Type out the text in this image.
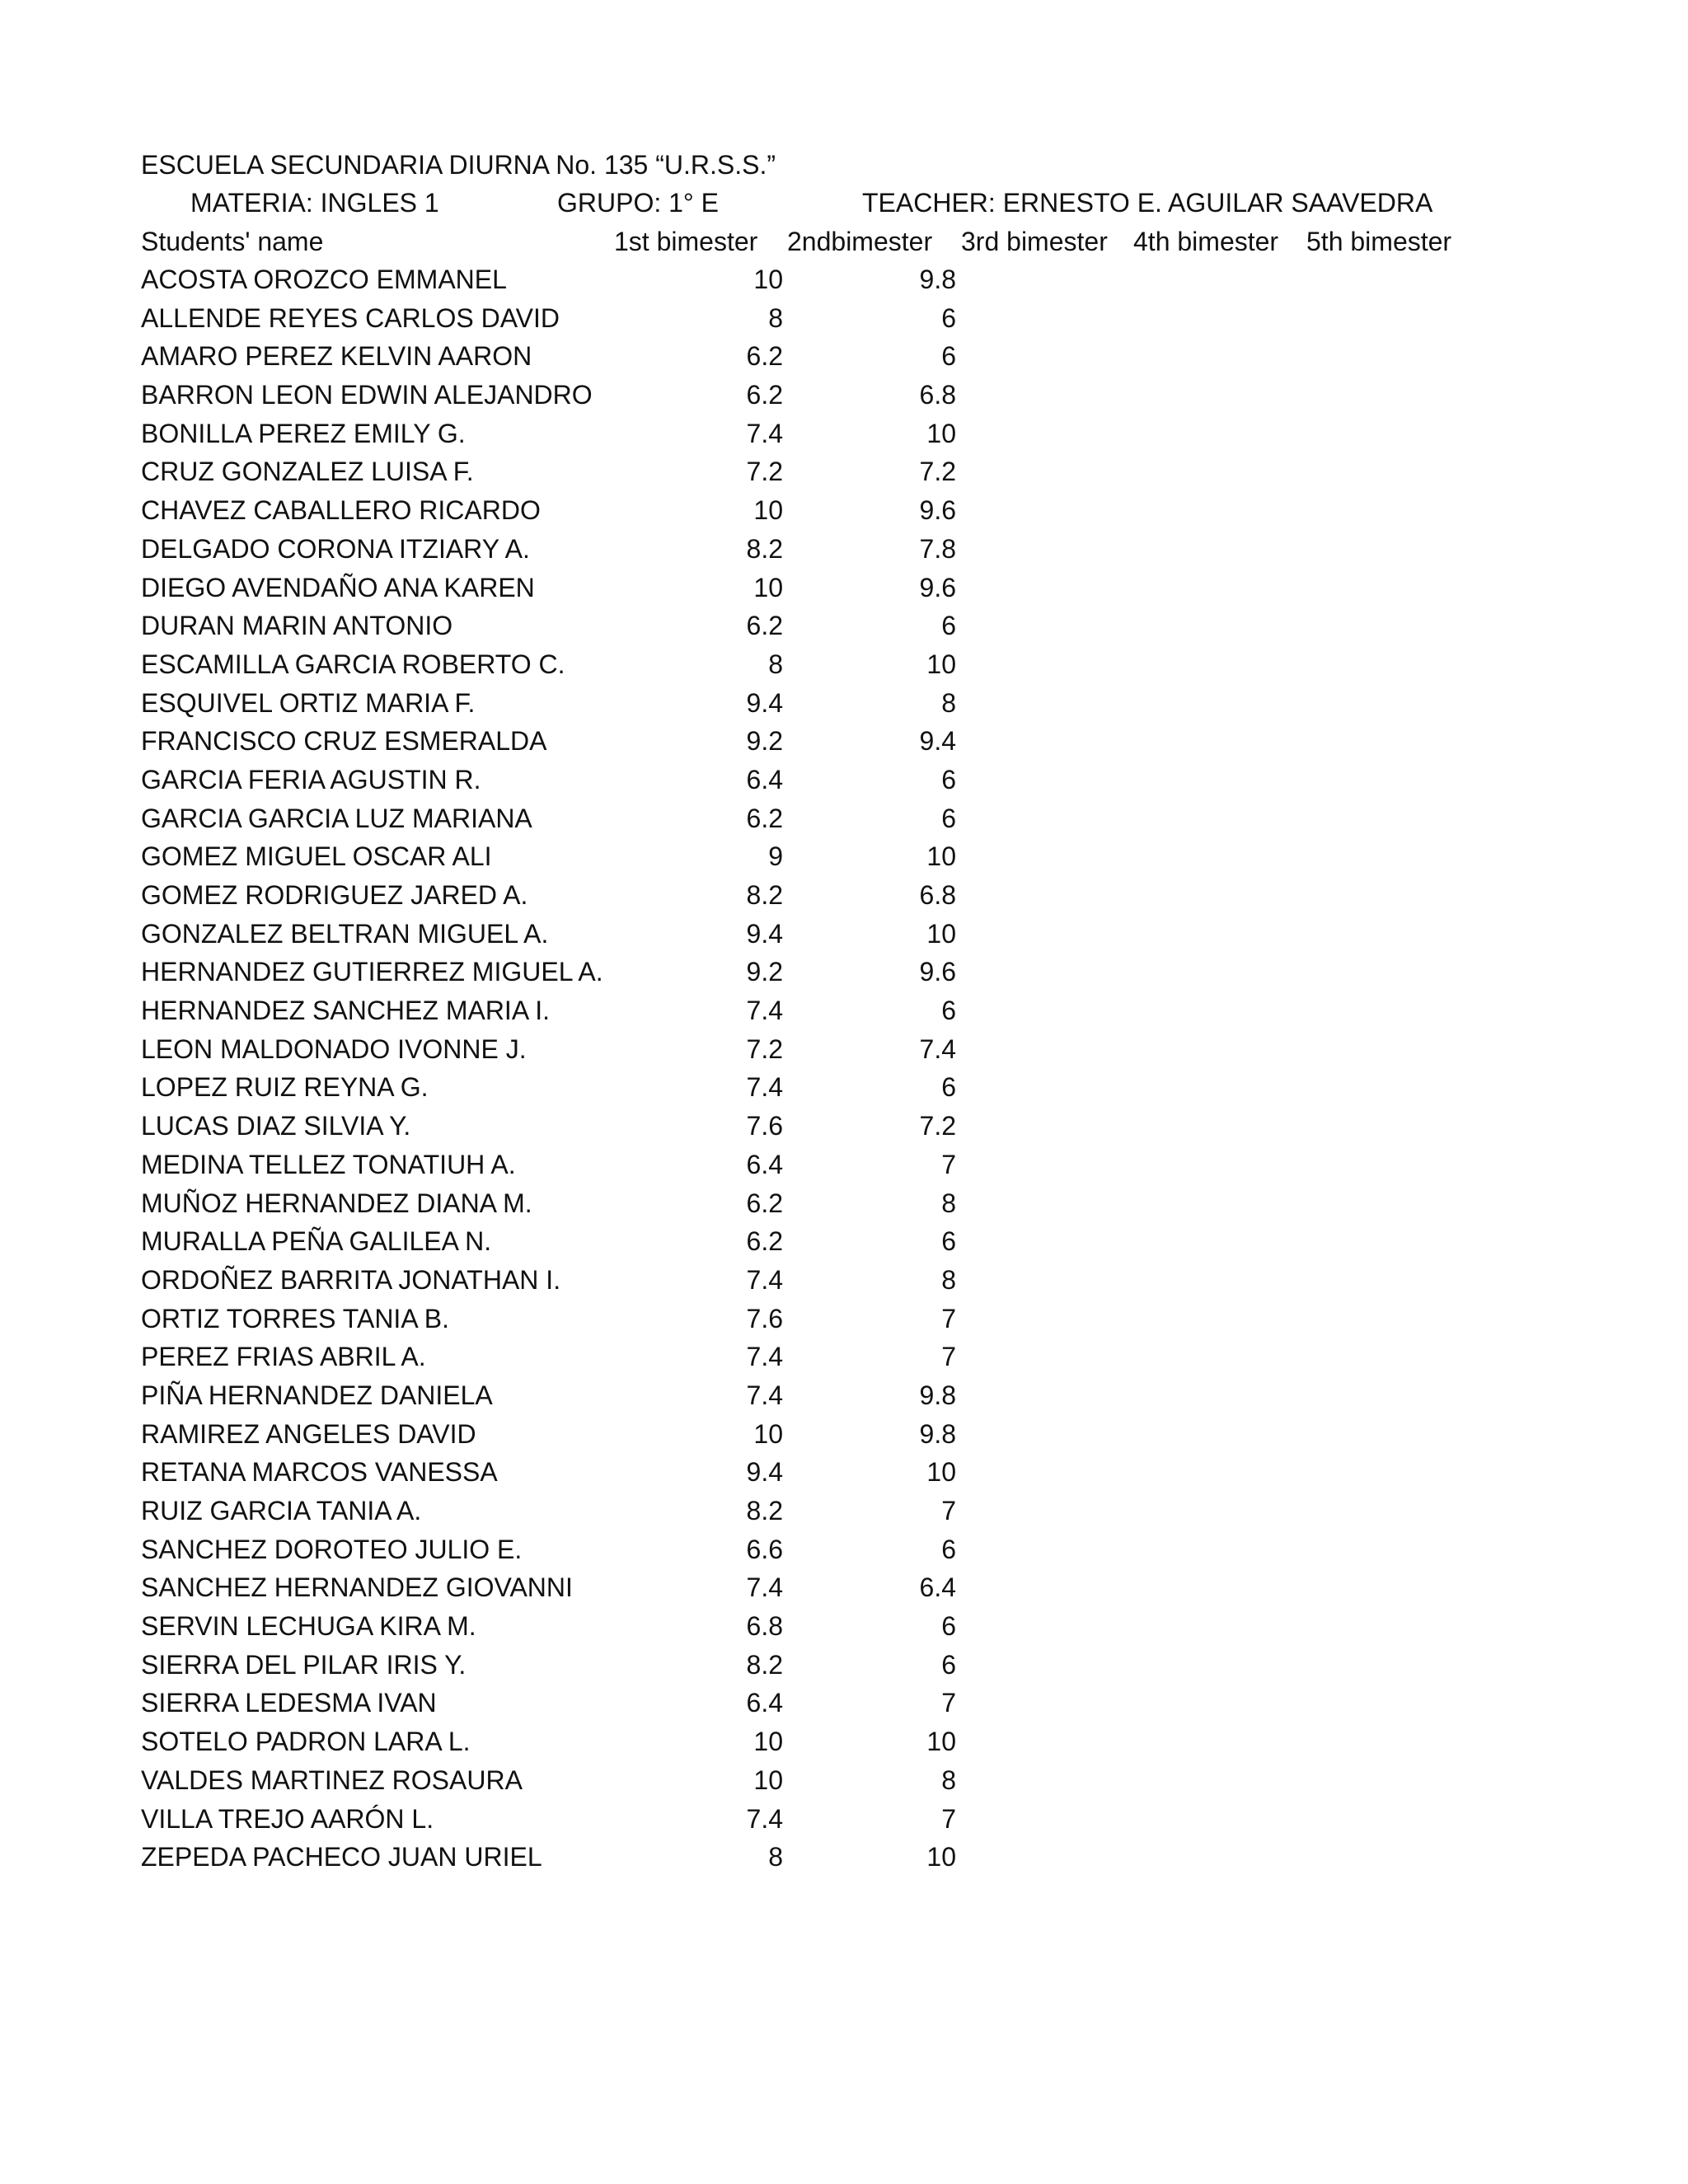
ESCUELA SECUNDARIA DIURNA No. 135 “U.R.S.S.”
MATERIA: INGLES 1	GRUPO: 1° E	TEACHER: ERNESTO E. AGUILAR SAAVEDRA
Students' name	1st bimester 2ndbimester 3rd bimester 4th bimester 5th bimester
ACOSTA OROZCO EMMANEL	10	9.8
ALLENDE REYES CARLOS DAVID	8	6
AMARO PEREZ KELVIN AARON	6.2	6
BARRON LEON EDWIN ALEJANDRO	6.2	6.8
BONILLA PEREZ EMILY G.	7.4	10
CRUZ GONZALEZ LUISA F.	7.2	7.2
CHAVEZ CABALLERO RICARDO	10	9.6
DELGADO CORONA ITZIARY A.	8.2	7.8
DIEGO AVENDAÑO ANA KAREN	10	9.6
DURAN MARIN ANTONIO	6.2	6
ESCAMILLA GARCIA ROBERTO C.	8	10
ESQUIVEL ORTIZ MARIA F.	9.4	8
FRANCISCO CRUZ ESMERALDA	9.2	9.4
GARCIA FERIA AGUSTIN R.	6.4	6
GARCIA GARCIA LUZ MARIANA	6.2	6
GOMEZ MIGUEL OSCAR ALI	9	10
GOMEZ RODRIGUEZ JARED A.	8.2	6.8
GONZALEZ BELTRAN MIGUEL A.	9.4	10
HERNANDEZ GUTIERREZ MIGUEL A.	9.2	9.6
HERNANDEZ SANCHEZ MARIA I.	7.4	6
LEON MALDONADO IVONNE J.	7.2	7.4
LOPEZ RUIZ REYNA G.	7.4	6
LUCAS DIAZ SILVIA Y.	7.6	7.2
MEDINA TELLEZ TONATIUH A.	6.4	7
MUÑOZ HERNANDEZ DIANA M.	6.2	8
MURALLA PEÑA GALILEA N.	6.2	6
ORDOÑEZ BARRITA JONATHAN I.	7.4	8
ORTIZ TORRES TANIA B.	7.6	7
PEREZ FRIAS ABRIL A.	7.4	7
PIÑA HERNANDEZ DANIELA	7.4	9.8
RAMIREZ ANGELES DAVID	10	9.8
RETANA MARCOS VANESSA	9.4	10
RUIZ GARCIA TANIA A.	8.2	7
SANCHEZ DOROTEO JULIO E.	6.6	6
SANCHEZ HERNANDEZ GIOVANNI	7.4	6.4
SERVIN LECHUGA KIRA M.	6.8	6
SIERRA DEL PILAR IRIS Y.	8.2	6
SIERRA LEDESMA IVAN	6.4	7
SOTELO PADRON LARA L.	10	10
VALDES MARTINEZ ROSAURA	10	8
VILLA TREJO AARÓN L.	7.4	7
ZEPEDA PACHECO JUAN URIEL	8	10
